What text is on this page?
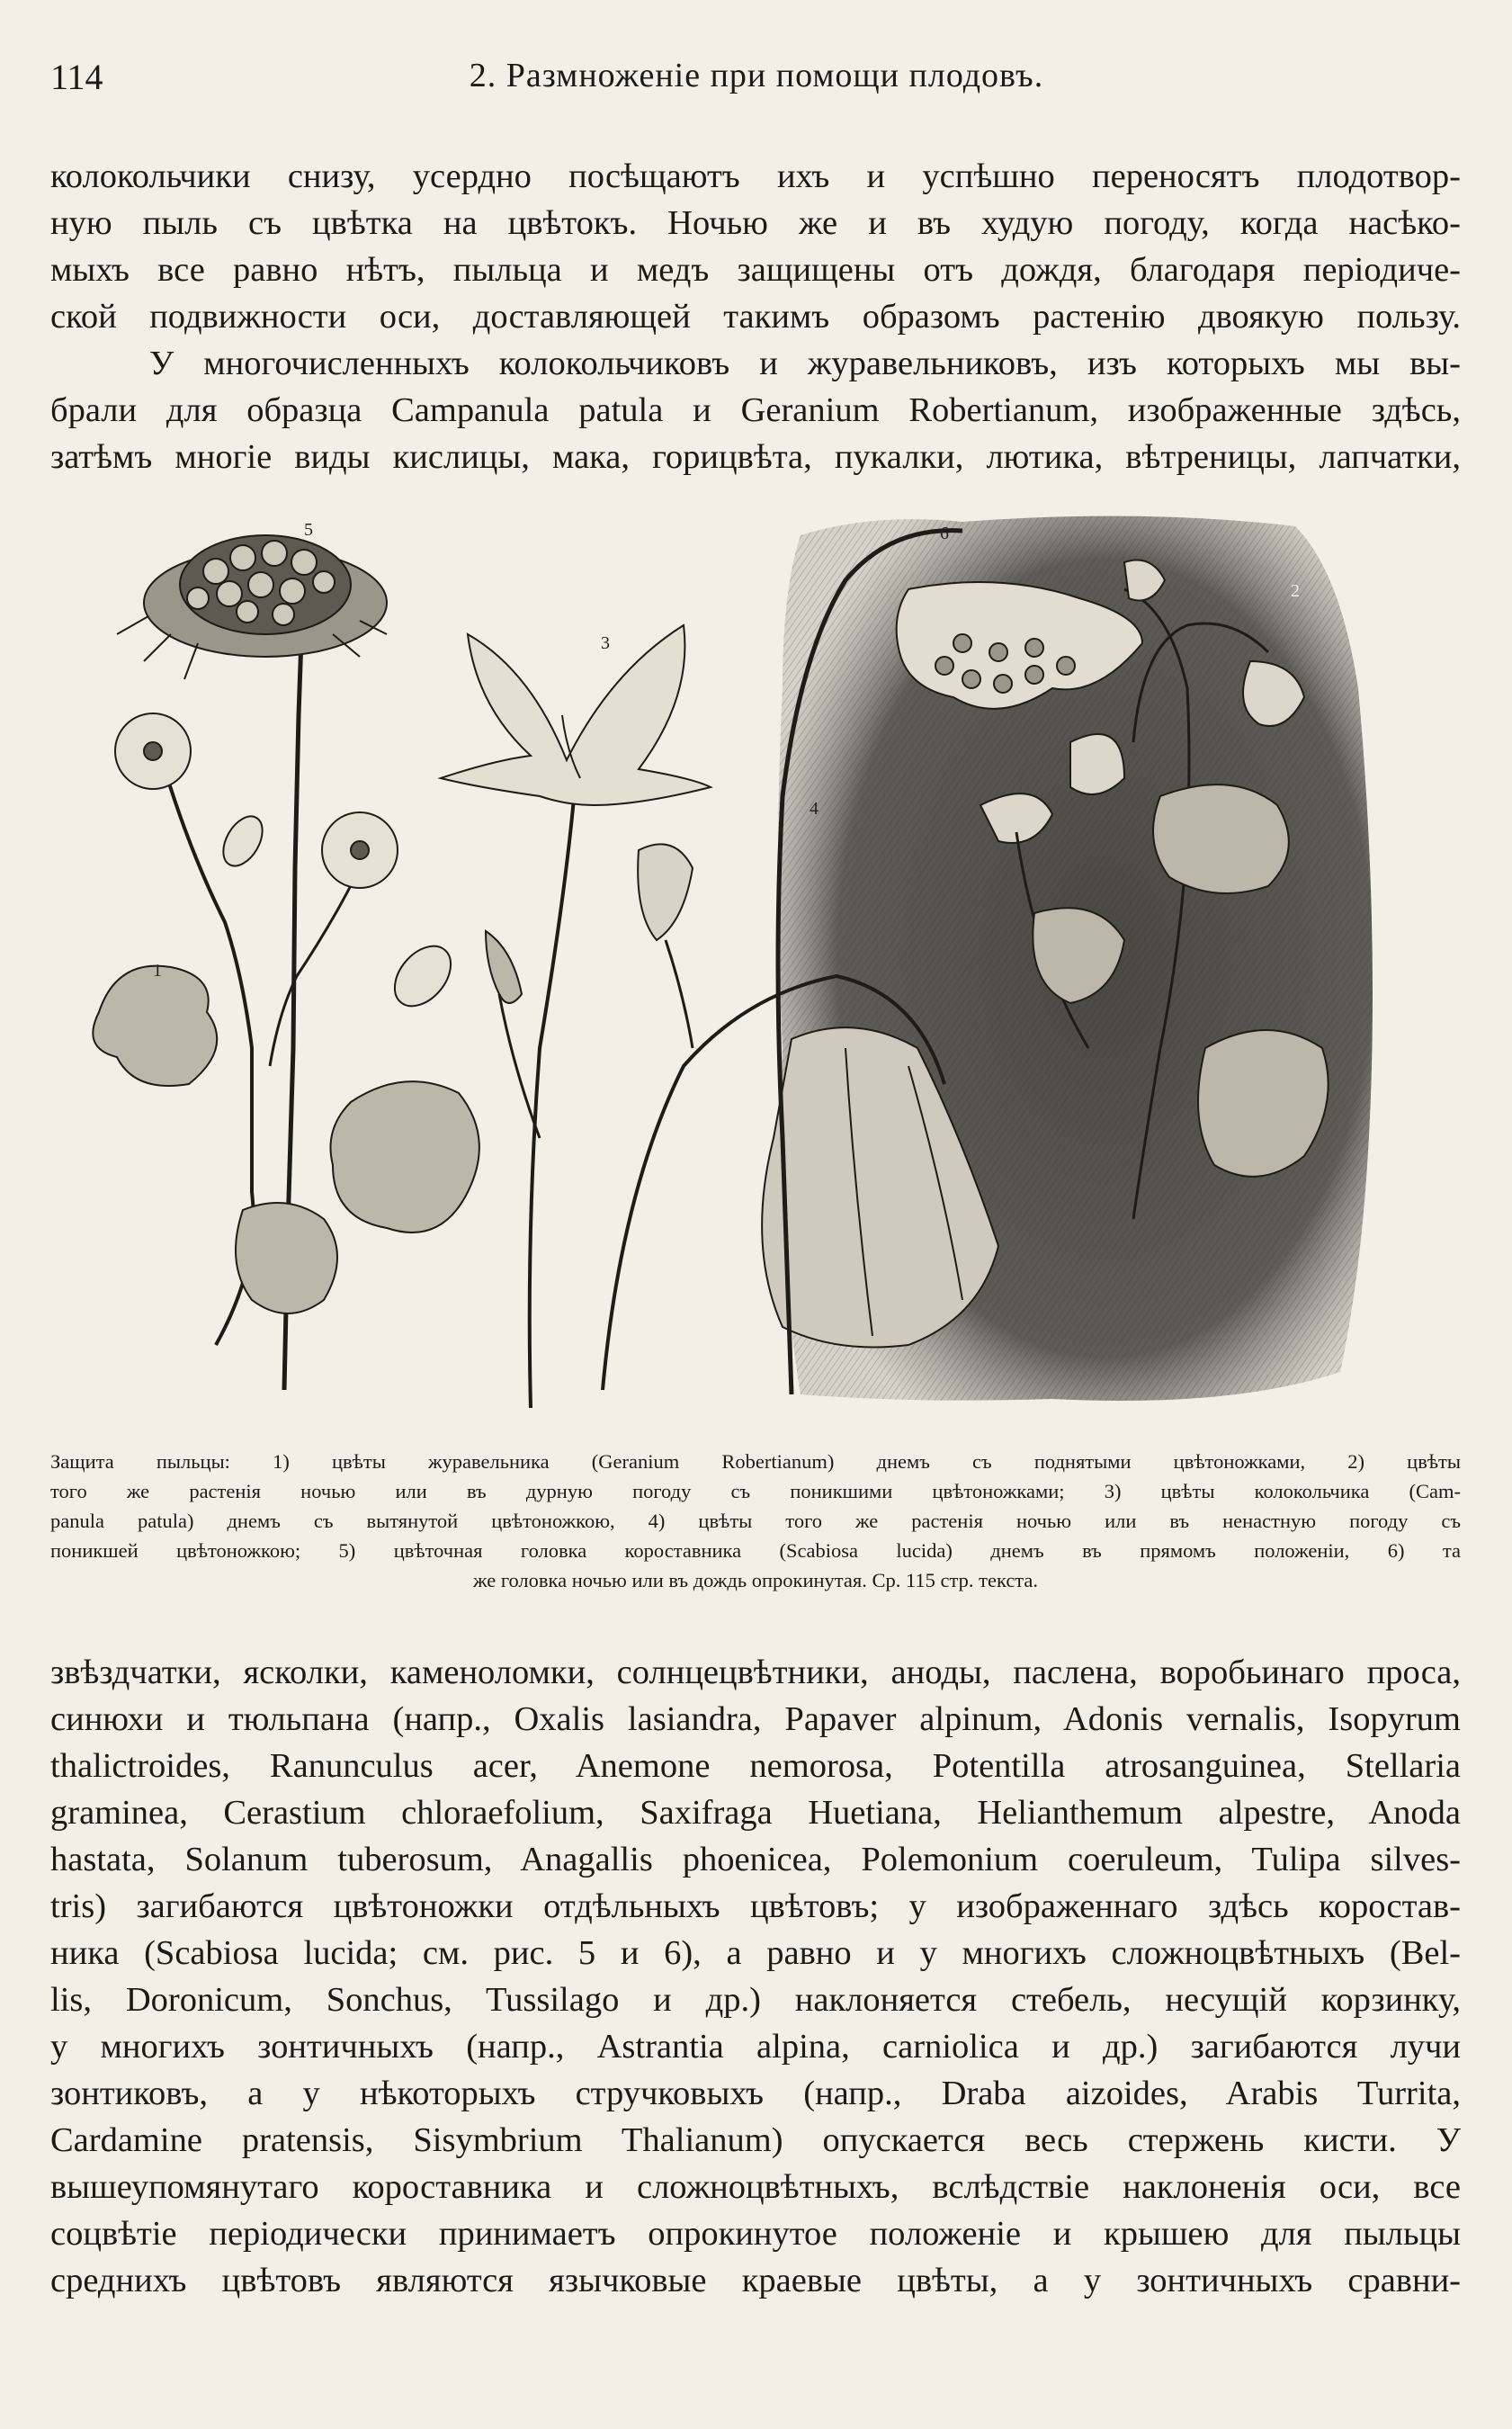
114	2. Размноженіе при помощи плодовъ.
колокольчики снизу, усердно посѣщаютъ ихъ и успѣшно переносятъ плодотвор-
ную пыль съ цвѣтка на цвѣтокъ. Ночью же и въ худую погоду, когда насѣко-
мыхъ все равно нѣтъ, пыльца и медъ защищены отъ дождя, благодаря періодиче-
ской подвижности оси, доставляющей такимъ образомъ растенію двоякую пользу.
У многочисленныхъ колокольчиковъ и журавельниковъ, изъ которыхъ мы вы-
брали для образца Campanula patula и Geranium Robertianum, изображенные здѣсь,
затѣмъ многіе виды кислицы, мака, горицвѣта, пукалки, лютика, вѣтреницы, лапчатки,
5
3
6
2
4
1
Защита пыльцы: 1) цвѣты журавельника (Geranium Robertianum) днемъ съ поднятыми цвѣтоножками, 2) цвѣты
того же растенія ночью или въ дурную погоду съ поникшими цвѣтоножками; 3) цвѣты колокольчика (Cam-
panula patula) днемъ съ вытянутой цвѣтоножкою, 4) цвѣты того же растенія ночью или въ ненастную погоду съ
поникшей цвѣтоножкою; 5) цвѣточная головка короставника (Scabiosa lucida) днемъ въ прямомъ положеніи, 6) та
же головка ночью или въ дождь опрокинутая. Ср. 115 стр. текста.
звѣздчатки, ясколки, каменоломки, солнцецвѣтники, аноды, паслена, воробьинаго проса,
синюхи и тюльпана (напр., Oxalis lasiandra, Papaver alpinum, Adonis vernalis, Isopyrum
thalictroides, Ranunculus acer, Anemone nemorosa, Potentilla atrosanguinea, Stellaria
graminea, Cerastium chloraefolium, Saxifraga Huetiana, Helianthemum alpestre, Anoda
hastata, Solanum tuberosum, Anagallis phoenicea, Polemonium coeruleum, Tulipa silves-
tris) загибаются цвѣтоножки отдѣльныхъ цвѣтовъ; у изображеннаго здѣсь коростав-
ника (Scabiosa lucida; см. рис. 5 и 6), а равно и у многихъ сложноцвѣтныхъ (Bel-
lis, Doronicum, Sonchus, Tussilago и др.) наклоняется стебель, несущій корзинку,
у многихъ зонтичныхъ (напр., Astrantia alpina, carniolica и др.) загибаются лучи
зонтиковъ, а у нѣкоторыхъ стручковыхъ (напр., Draba aizoides, Arabis Turrita,
Cardamine pratensis, Sisymbrium Thalianum) опускается весь стержень кисти. У
вышеупомянутаго короставника и сложноцвѣтныхъ, вслѣдствіе наклоненія оси, все
соцвѣтіе періодически принимаетъ опрокинутое положеніе и крышею для пыльцы
среднихъ цвѣтовъ являются язычковые краевые цвѣты, а у зонтичныхъ сравни-
